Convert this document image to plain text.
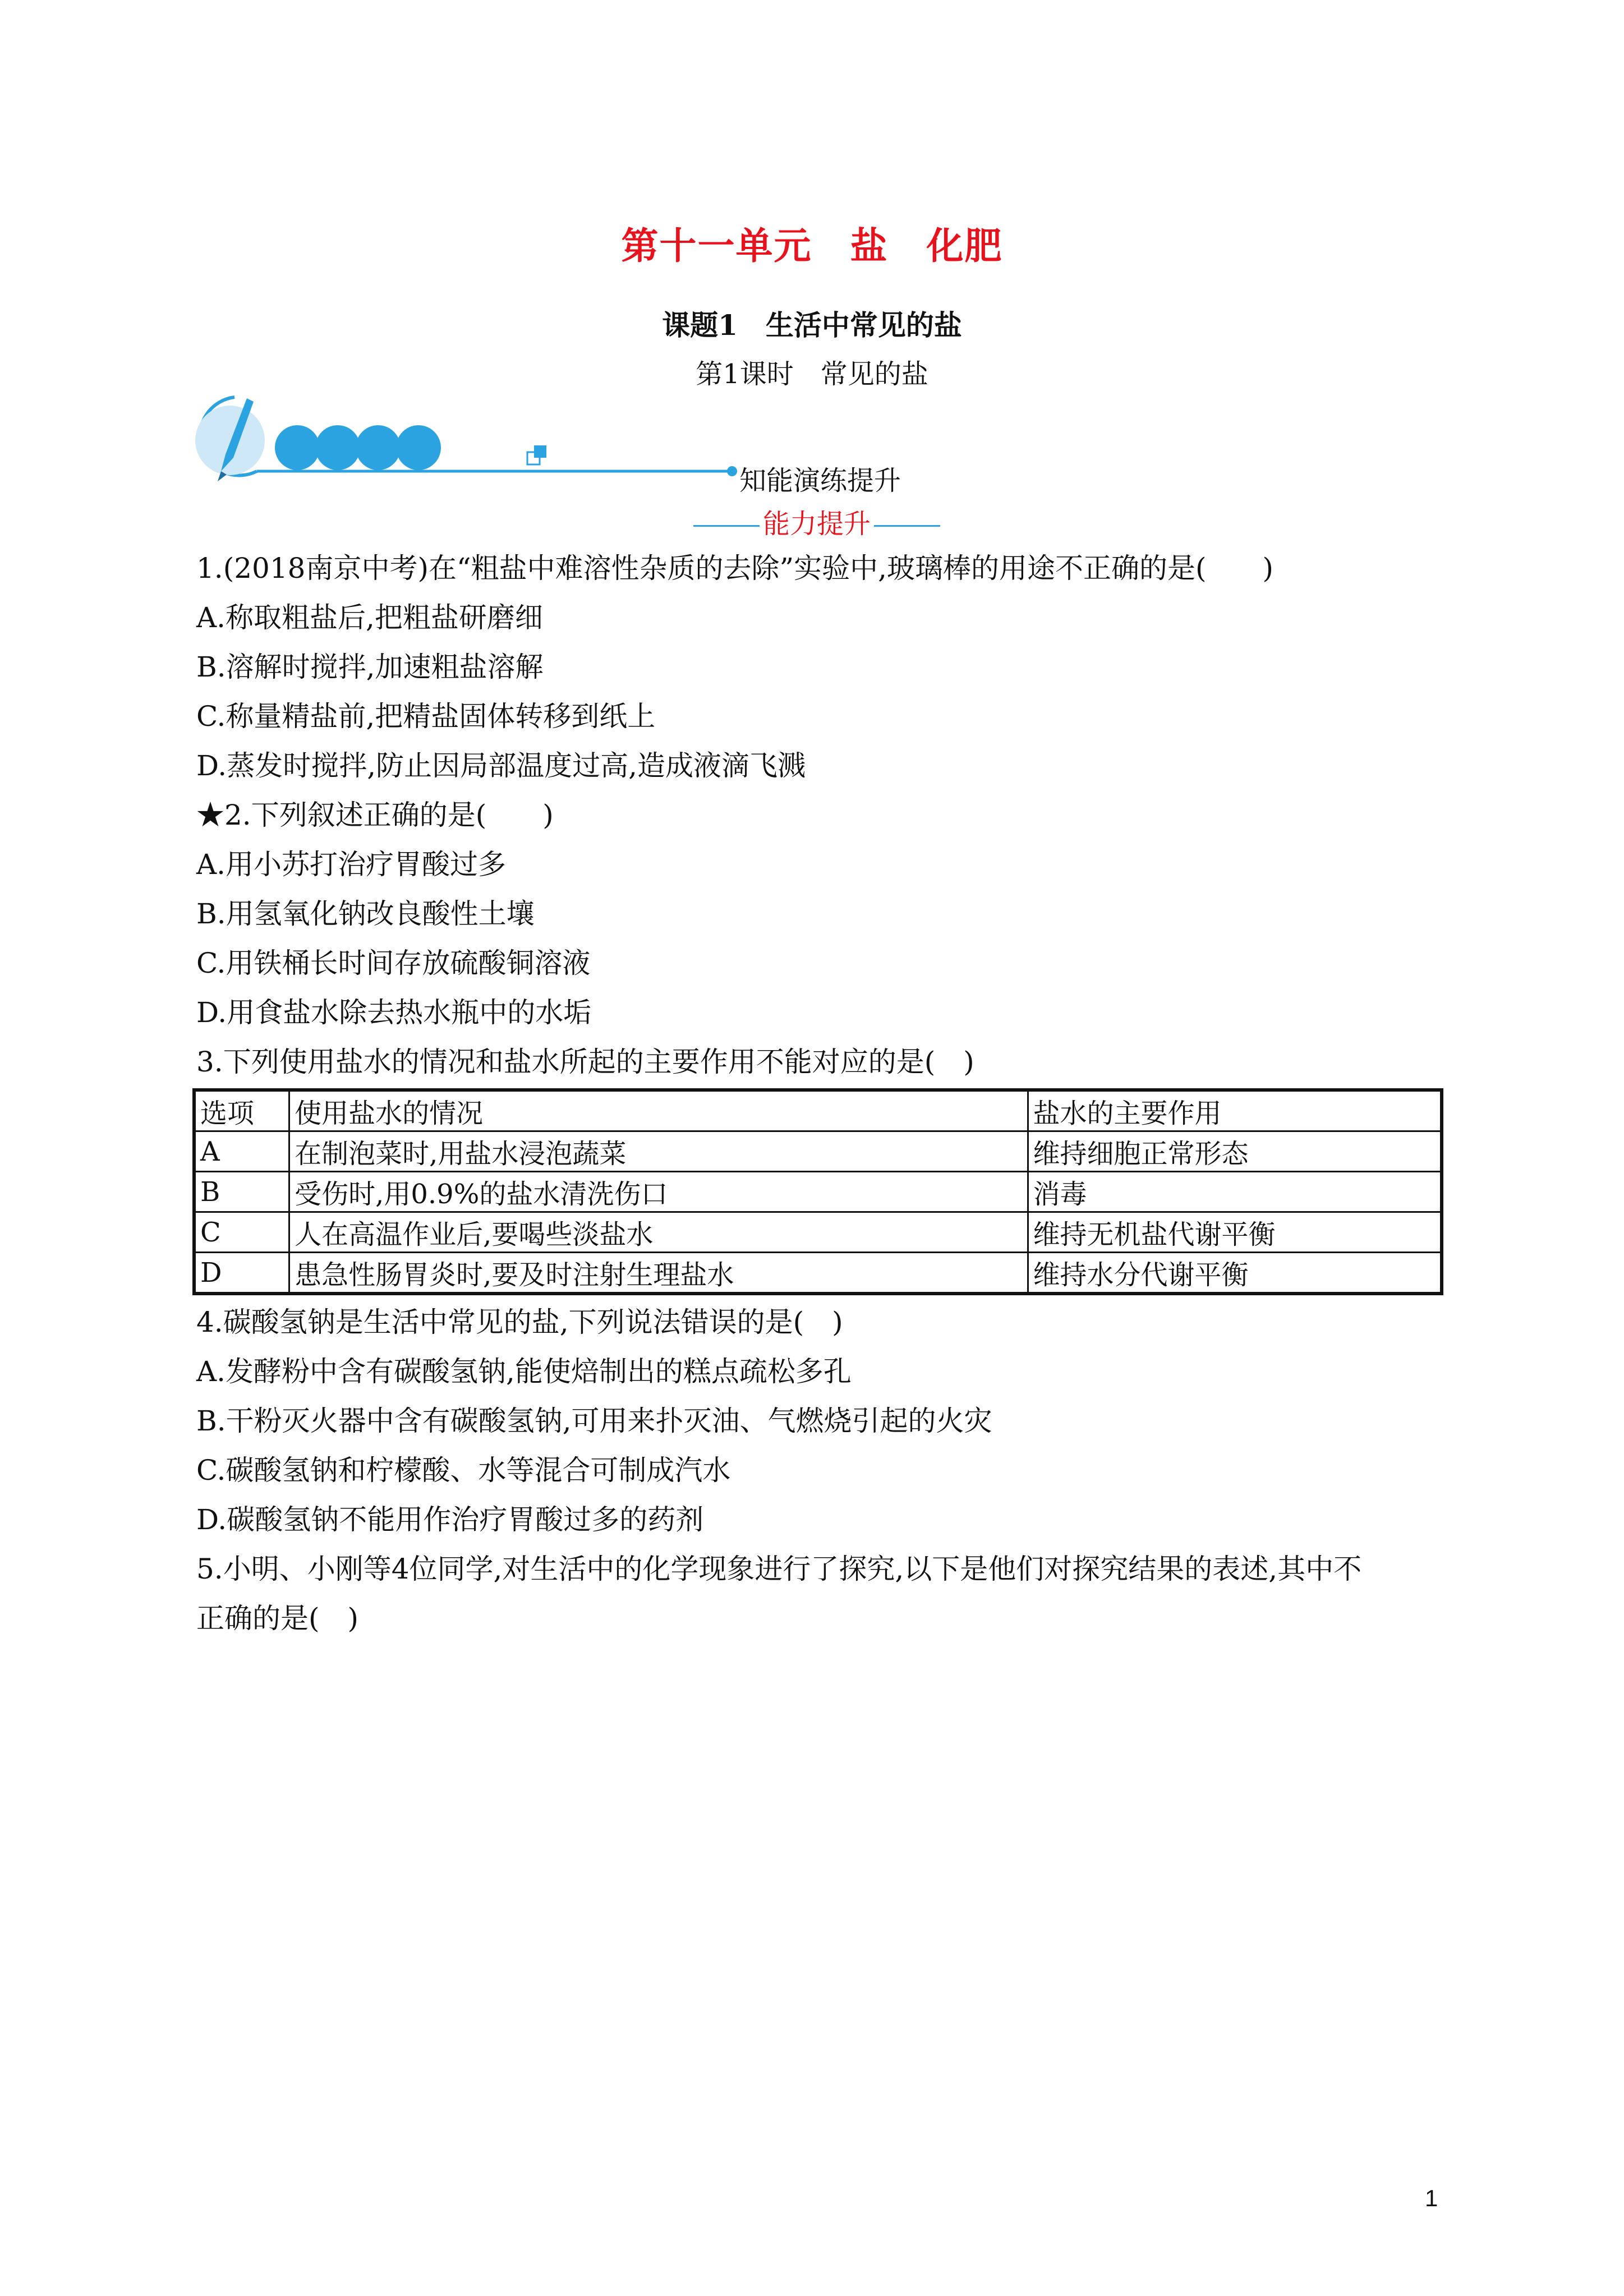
第十一单元　盐　化肥
课题1　生活中常见的盐
第1课时　常见的盐
知能演练提升
能力提升
1.(2018南京中考)在“粗盐中难溶性杂质的去除”实验中,玻璃棒的用途不正确的是(　　)
A.称取粗盐后,把粗盐研磨细
B.溶解时搅拌,加速粗盐溶解
C.称量精盐前,把精盐固体转移到纸上
D.蒸发时搅拌,防止因局部温度过高,造成液滴飞溅
★2.下列叙述正确的是(　　)
A.用小苏打治疗胃酸过多
B.用氢氧化钠改良酸性土壤
C.用铁桶长时间存放硫酸铜溶液
D.用食盐水除去热水瓶中的水垢
3.下列使用盐水的情况和盐水所起的主要作用不能对应的是(　)
选项	使用盐水的情况	盐水的主要作用
A	在制泡菜时,用盐水浸泡蔬菜	维持细胞正常形态
B	受伤时,用0.9%的盐水清洗伤口	消毒
C	人在高温作业后,要喝些淡盐水	维持无机盐代谢平衡
D	患急性肠胃炎时,要及时注射生理盐水	维持水分代谢平衡
4.碳酸氢钠是生活中常见的盐,下列说法错误的是(　)
A.发酵粉中含有碳酸氢钠,能使焙制出的糕点疏松多孔
B.干粉灭火器中含有碳酸氢钠,可用来扑灭油、气燃烧引起的火灾
C.碳酸氢钠和柠檬酸、水等混合可制成汽水
D.碳酸氢钠不能用作治疗胃酸过多的药剂
5.小明、小刚等4位同学,对生活中的化学现象进行了探究,以下是他们对探究结果的表述,其中不
正确的是(　)
1
